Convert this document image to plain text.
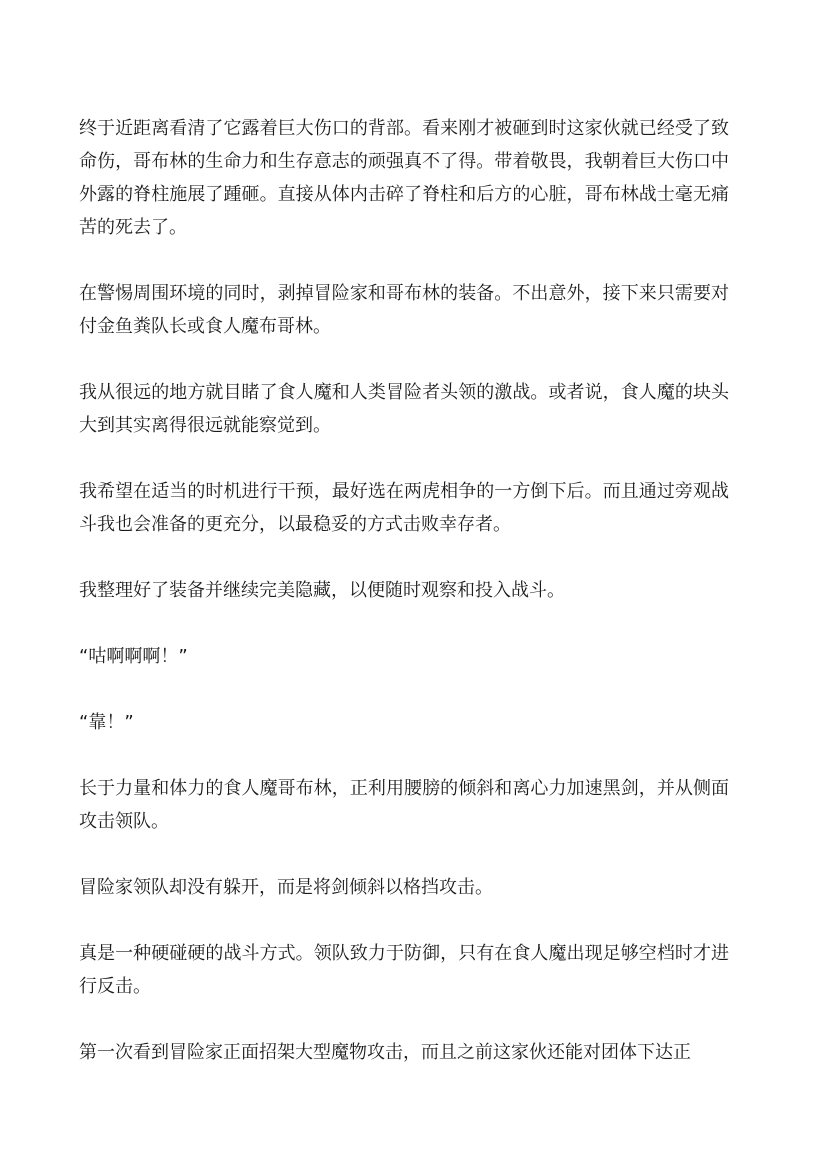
终于近距离看清了它露着巨大伤口的背部。看来刚才被砸到时这家伙就已经受了致命伤，哥布林的生命力和生存意志的顽强真不了得。带着敬畏，我朝着巨大伤口中外露的脊柱施展了踵砸。直接从体内击碎了脊柱和后方的心脏，哥布林战士毫无痛苦的死去了。

在警惕周围环境的同时，剥掉冒险家和哥布林的装备。不出意外，接下来只需要对付金鱼粪队长或食人魔布哥林。

我从很远的地方就目睹了食人魔和人类冒险者头领的激战。或者说，食人魔的块头大到其实离得很远就能察觉到。

我希望在适当的时机进行干预，最好选在两虎相争的一方倒下后。而且通过旁观战斗我也会准备的更充分，以最稳妥的方式击败幸存者。

我整理好了装备并继续完美隐藏，以便随时观察和投入战斗。

“咕啊啊啊！”

“靠！”

长于力量和体力的食人魔哥布林，正利用腰膀的倾斜和离心力加速黑剑，并从侧面攻击领队。

冒险家领队却没有躲开，而是将剑倾斜以格挡攻击。

真是一种硬碰硬的战斗方式。领队致力于防御，只有在食人魔出现足够空档时才进行反击。

第一次看到冒险家正面招架大型魔物攻击，而且之前这家伙还能对团体下达正
